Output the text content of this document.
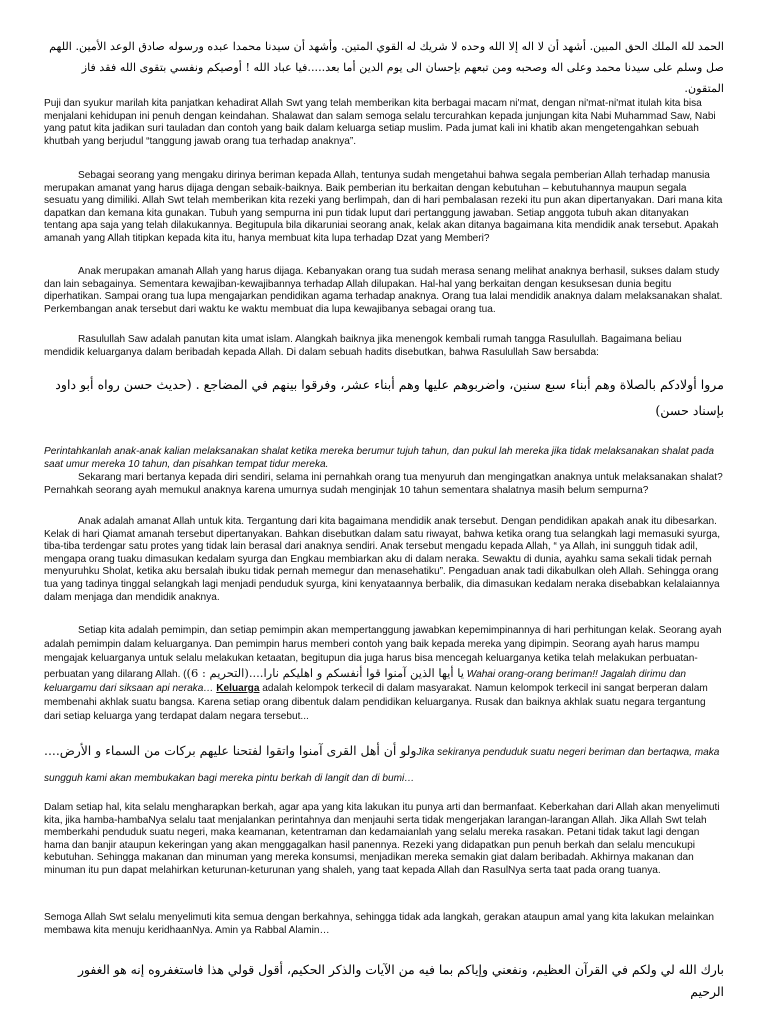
الحمد لله الملك الحق المبين. أشهد أن لا اله إلا الله وحده لا شريك له القوي المتين. وأشهد أن سيدنا محمدا عبده ورسوله صادق الوعد الأمين. اللهم صل وسلم على سيدنا محمد وعلى اله وصحبه ومن تبعهم بإحسان الى يوم الدين أما بعد.....فيا عباد الله ! أوصيكم ونفسي بتقوى الله فقد فاز المتقون.

Puji dan syukur marilah kita panjatkan kehadirat Allah Swt yang telah memberikan kita berbagai macam ni'mat, dengan ni'mat-ni'mat itulah kita bisa menjalani kehidupan ini penuh dengan keindahan. Shalawat dan salam semoga selalu tercurahkan kepada junjungan kita Nabi Muhammad Saw, Nabi yang patut kita jadikan suri tauladan dan contoh yang baik dalam keluarga setiap muslim. Pada jumat kali ini khatib akan mengetengahkan sebuah khutbah yang berjudul “tanggung jawab orang tua terhadap anaknya”.

Sebagai seorang yang mengaku dirinya beriman kepada Allah, tentunya sudah mengetahui bahwa segala pemberian Allah terhadap manusia merupakan amanat yang harus dijaga dengan sebaik-baiknya. Baik pemberian itu berkaitan dengan kebutuhan – kebutuhannya maupun segala sesuatu yang dimiliki. Allah Swt telah memberikan kita rezeki yang berlimpah, dan di hari pembalasan rezeki itu pun akan dipertanyakan. Dari mana kita dapatkan dan kemana kita gunakan. Tubuh yang sempurna ini pun tidak luput dari pertanggung jawaban. Setiap anggota tubuh akan ditanyakan tentang apa saja yang telah dilakukannya. Begitupula bila dikaruniai seorang anak, kelak akan ditanya bagaimana kita mendidik anak tersebut. Apakah amanah yang Allah titipkan kepada kita itu, hanya membuat kita lupa terhadap Dzat yang Memberi?

Anak merupakan amanah Allah yang harus dijaga. Kebanyakan orang tua sudah merasa senang melihat anaknya berhasil, sukses dalam study dan lain sebagainya. Sementara kewajiban-kewajibannya terhadap Allah dilupakan. Hal-hal yang berkaitan dengan kesuksesan dunia begitu diperhatikan. Sampai orang tua lupa mengajarkan pendidikan agama terhadap anaknya. Orang tua lalai mendidik anaknya dalam melaksanakan shalat. Perkembangan anak tersebut dari waktu ke waktu membuat dia lupa kewajibanya sebagai orang tua.

Rasulullah Saw adalah panutan kita umat islam. Alangkah baiknya jika menengok kembali rumah tangga Rasulullah. Bagaimana beliau mendidik keluarganya dalam beribadah kepada Allah. Di dalam sebuah hadits disebutkan, bahwa Rasulullah Saw bersabda:

مروا أولادكم بالصلاة وهم أبناء سبع سنين، واضربوهم عليها وهم أبناء عشر، وفرقوا بينهم في المضاجع . (حديث حسن رواه أبو داود بإسناد حسن)

Perintahkanlah anak-anak kalian melaksanakan shalat ketika mereka berumur tujuh tahun, dan pukul lah mereka jika tidak melaksanakan shalat pada saat umur mereka 10 tahun, dan pisahkan tempat tidur mereka.

Sekarang mari bertanya kepada diri sendiri, selama ini pernahkah orang tua menyuruh dan mengingatkan anaknya untuk melaksanakan shalat? Pernahkah seorang ayah memukul anaknya karena umurnya sudah menginjak 10 tahun sementara shalatnya masih belum sempurna?

Anak adalah amanat Allah untuk kita. Tergantung dari kita bagaimana mendidik anak tersebut. Dengan pendidikan apakah anak itu dibesarkan. Kelak di hari Qiamat amanah tersebut dipertanyakan. Bahkan disebutkan dalam satu riwayat, bahwa ketika orang tua selangkah lagi memasuki syurga, tiba-tiba terdengar satu protes yang tidak lain berasal dari anaknya sendiri. Anak tersebut mengadu kepada Allah, “ ya Allah, ini sungguh tidak adil, mengapa orang tuaku dimasukan kedalam syurga dan Engkau membiarkan aku di dalam neraka. Sewaktu di dunia, ayahku sama sekali tidak pernah menyuruhku Sholat, ketika aku bersalah ibuku tidak pernah memegur dan menasehatiku”. Pengaduan anak tadi dikabulkan oleh Allah. Sehingga orang tua yang tadinya tinggal selangkah lagi menjadi penduduk syurga, kini kenyataannya berbalik, dia dimasukan kedalam neraka disebabkan kelalaiannya dalam menjaga dan mendidik anaknya.

Setiap kita adalah pemimpin, dan setiap pemimpin akan mempertanggung jawabkan kepemimpinannya di hari perhitungan kelak. Seorang ayah adalah pemimpin dalam keluarganya. Dan pemimpin harus memberi contoh yang baik kepada mereka yang dipimpin. Seorang ayah harus mampu mengajak keluarganya untuk selalu melakukan ketaatan, begitupun dia juga harus bisa mencegah keluarganya ketika telah melakukan perbuatan-perbuatan yang dilarang Allah. (يا أيها الذين آمنوا قوا أنفسكم و اهليكم نارا....(التحريم : 6) Wahai orang-orang beriman!! Jagalah dirimu dan keluargamu dari siksaan api neraka… Keluarga adalah kelompok terkecil di dalam masyarakat. Namun kelompok terkecil ini sangat berperan dalam membenahi akhlak suatu bangsa. Karena setiap orang dibentuk dalam pendidikan keluarganya. Rusak dan baiknya akhlak suatu negara tergantung dari setiap keluarga yang terdapat dalam negara tersebut...

ولو أن أهل القرى آمنوا واتقوا لفتحنا عليهم بركات من السماء و الأرض....Jika sekiranya penduduk suatu negeri beriman dan bertaqwa, maka sungguh kami akan membukakan bagi mereka pintu berkah di langit dan di bumi…

Dalam setiap hal, kita selalu mengharapkan berkah, agar apa yang kita lakukan itu punya arti dan bermanfaat. Keberkahan dari Allah akan menyelimuti kita, jika hamba-hambaNya selalu taat menjalankan perintahnya dan menjauhi serta tidak mengerjakan larangan-larangan Allah. Jika Allah Swt telah memberkahi penduduk suatu negeri, maka keamanan, ketentraman dan kedamaianlah yang selalu mereka rasakan. Petani tidak takut lagi dengan hama dan banjir ataupun kekeringan yang akan menggagalkan hasil panennya. Rezeki yang didapatkan pun penuh berkah dan selalu mencukupi kebutuhan. Sehingga makanan dan minuman yang mereka konsumsi, menjadikan mereka semakin giat dalam beribadah. Akhirnya makanan dan minuman itu pun dapat melahirkan keturunan-keturunan yang shaleh, yang taat kepada Allah dan RasulNya serta taat pada orang tuanya.

Semoga Allah Swt selalu menyelimuti kita semua dengan berkahnya, sehingga tidak ada langkah, gerakan ataupun amal yang kita lakukan melainkan membawa kita menuju keridhaanNya. Amin ya Rabbal Alamin…

بارك الله لي ولكم في القرآن العظيم، ونفعني وإياكم بما فيه من الآيات والذكر الحكيم، أقول قولي هذا فاستغفروه إنه هو الغفور الرحيم
